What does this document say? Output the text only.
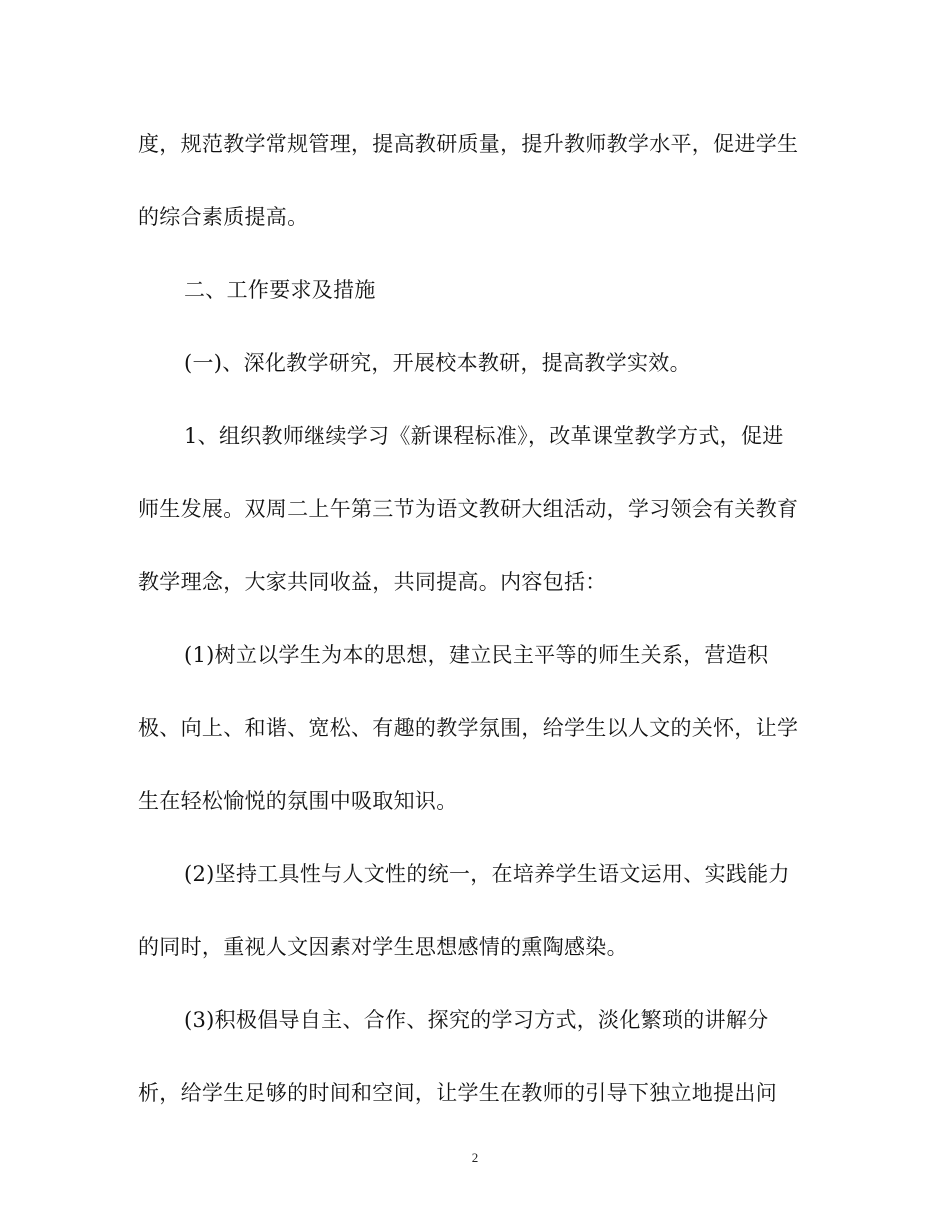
度，规范教学常规管理，提高教研质量，提升教师教学水平，促进学生
的综合素质提高。
二、工作要求及措施
(一)、深化教学研究，开展校本教研，提高教学实效。
1、组织教师继续学习《新课程标准》，改革课堂教学方式，促进
师生发展。双周二上午第三节为语文教研大组活动，学习领会有关教育
教学理念，大家共同收益，共同提高。内容包括：
(1)树立以学生为本的思想，建立民主平等的师生关系，营造积
极、向上、和谐、宽松、有趣的教学氛围，给学生以人文的关怀，让学
生在轻松愉悦的氛围中吸取知识。
(2)坚持工具性与人文性的统一，在培养学生语文运用、实践能力
的同时，重视人文因素对学生思想感情的熏陶感染。
(3)积极倡导自主、合作、探究的学习方式，淡化繁琐的讲解分
析，给学生足够的时间和空间，让学生在教师的引导下独立地提出问
2
